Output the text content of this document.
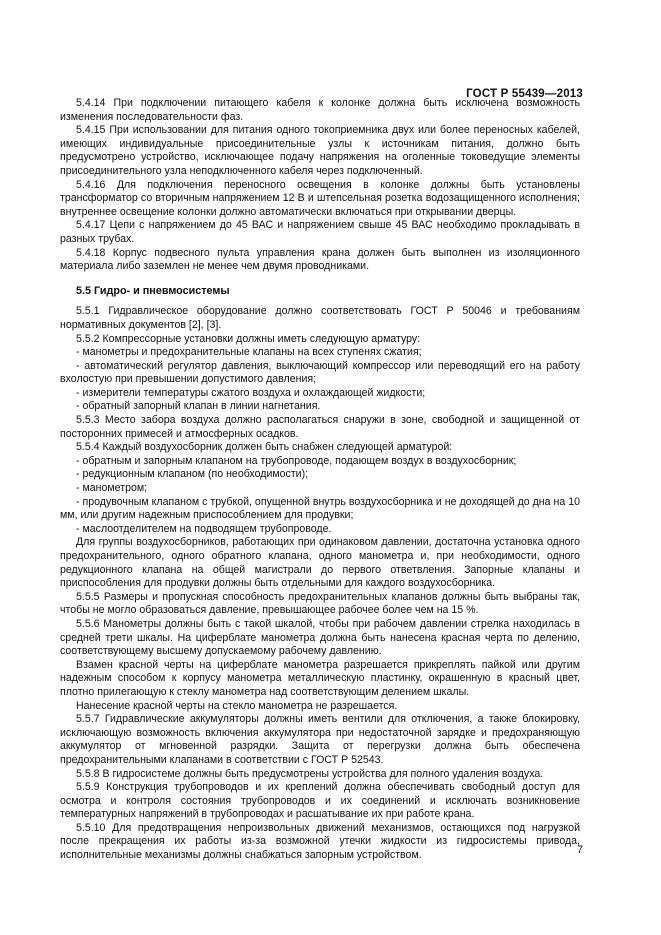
ГОСТ Р 55439—2013

5.4.14 При подключении питающего кабеля к колонке должна быть исключена возможность изменения последовательности фаз.

5.4.15 При использовании для питания одного токоприемника двух или более переносных кабелей, имеющих индивидуальные присоединительные узлы к источникам питания, должно быть предусмотрено устройство, исключающее подачу напряжения на оголенные токоведущие элементы присоединительного узла неподключенного кабеля через подключенный.

5.4.16 Для подключения переносного освещения в колонке должны быть установлены трансформатор со вторичным напряжением 12 В и штепсельная розетка водозащищенного исполнения; внутреннее освещение колонки должно автоматически включаться при открывании дверцы.

5.4.17 Цепи с напряжением до 45 ВАС и напряжением свыше 45 ВАС необходимо прокладывать в разных трубах.

5.4.18 Корпус подвесного пульта управления крана должен быть выполнен из изоляционного материала либо заземлен не менее чем двумя проводниками.

5.5 Гидро- и пневмосистемы

5.5.1 Гидравлическое оборудование должно соответствовать ГОСТ Р 50046 и требованиям нормативных документов [2], [3].

5.5.2 Компрессорные установки должны иметь следующую арматуру:

- манометры и предохранительные клапаны на всех ступенях сжатия;

- автоматический регулятор давления, выключающий компрессор или переводящий его на работу вхолостую при превышении допустимого давления;

- измерители температуры сжатого воздуха и охлаждающей жидкости;

- обратный запорный клапан в линии нагнетания.

5.5.3 Место забора воздуха должно располагаться снаружи в зоне, свободной и защищенной от посторонних примесей и атмосферных осадков.

5.5.4 Каждый воздухосборник должен быть снабжен следующей арматурой:

- обратным и запорным клапаном на трубопроводе, подающем воздух в воздухосборник;

- редукционным клапаном (по необходимости);

- манометром;

- продувочным клапаном с трубкой, опущенной внутрь воздухосборника и не доходящей до дна на 10 мм, или другим надежным приспособлением для продувки;

- маслоотделителем на подводящем трубопроводе.

Для группы воздухосборников, работающих при одинаковом давлении, достаточна установка одного предохранительного, одного обратного клапана, одного манометра и, при необходимости, одного редукционного клапана на общей магистрали до первого ответвления. Запорные клапаны и приспособления для продувки должны быть отдельными для каждого воздухосборника.

5.5.5 Размеры и пропускная способность предохранительных клапанов должны быть выбраны так, чтобы не могло образоваться давление, превышающее рабочее более чем на 15 %.

5.5.6 Манометры должны быть с такой шкалой, чтобы при рабочем давлении стрелка находилась в средней трети шкалы. На циферблате манометра должна быть нанесена красная черта по делению, соответствующему высшему допускаемому рабочему давлению.

Взамен красной черты на циферблате манометра разрешается прикреплять пайкой или другим надежным способом к корпусу манометра металлическую пластинку, окрашенную в красный цвет, плотно прилегающую к стеклу манометра над соответствующим делением шкалы.

Нанесение красной черты на стекло манометра не разрешается.

5.5.7 Гидравлические аккумуляторы должны иметь вентили для отключения, а также блокировку, исключающую возможность включения аккумулятора при недостаточной зарядке и предохраняющую аккумулятор от мгновенной разрядки. Защита от перегрузки должна быть обеспечена предохранительными клапанами в соответствии с ГОСТ Р 52543.

5.5.8 В гидросистеме должны быть предусмотрены устройства для полного удаления воздуха.

5.5.9 Конструкция трубопроводов и их креплений должна обеспечивать свободный доступ для осмотра и контроля состояния трубопроводов и их соединений и исключать возникновение температурных напряжений в трубопроводах и расшатывание их при работе крана.

5.5.10 Для предотвращения непроизвольных движений механизмов, остающихся под нагрузкой после прекращения их работы из-за возможной утечки жидкости из гидросистемы привода, исполнительные механизмы должны снабжаться запорным устройством.	7
